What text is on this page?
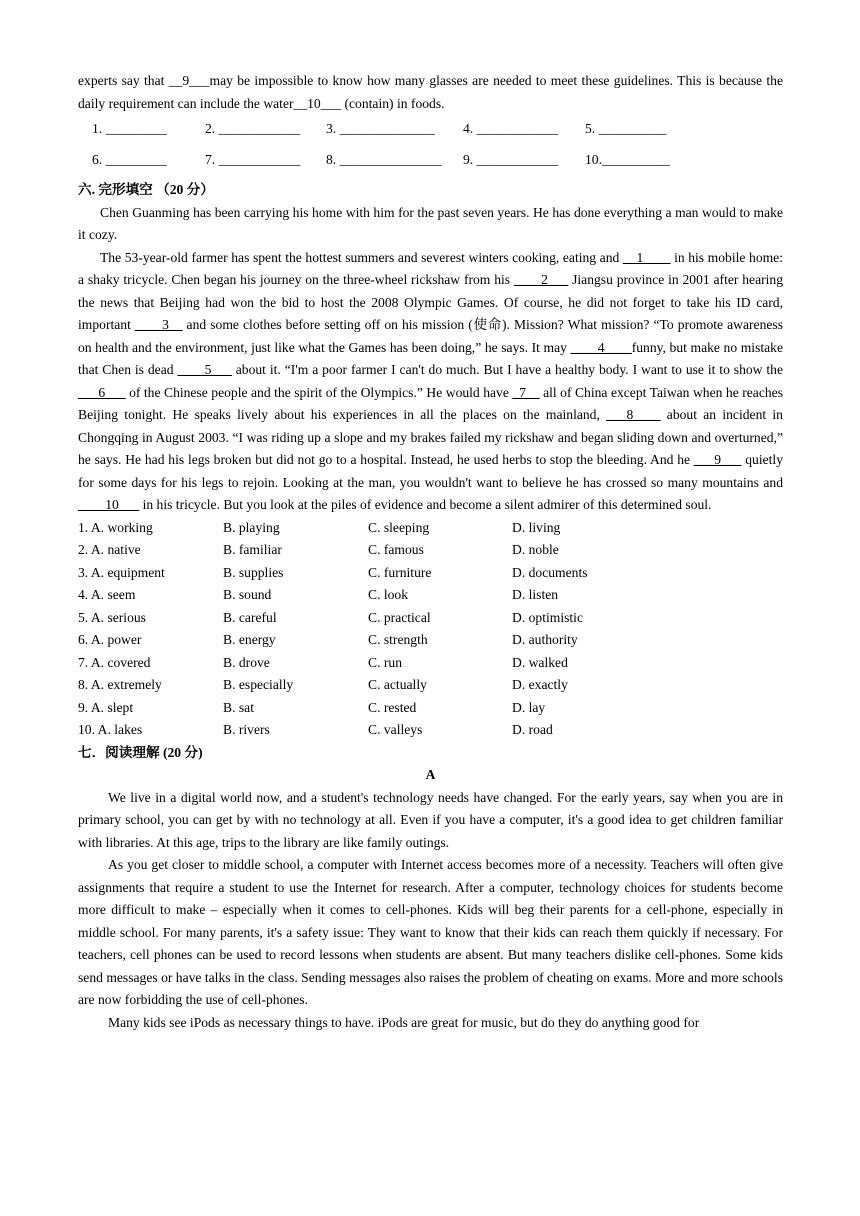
experts say that __9___may be impossible to know how many glasses are needed to meet these guidelines. This is because the daily requirement can include the water__10___ (contain) in foods.

1. _________	2. ____________	3. ______________	4. ____________	5. __________
6. _________	7. ____________	8. _______________	9. ____________	10.__________
六. 完形填空 （20 分）

Chen Guanming has been carrying his home with him for the past seven years. He has done everything a man would to make it cozy.

The 53-year-old farmer has spent the hottest summers and severest winters cooking, eating and __1____ in his mobile home: a shaky tricycle. Chen began his journey on the three-wheel rickshaw from his ____2___ Jiangsu province in 2001 after hearing the news that Beijing had won the bid to host the 2008 Olympic Games. Of course, he did not forget to take his ID card, important ____3__ and some clothes before setting off on his mission (使命). Mission? What mission? “To promote awareness on health and the environment, just like what the Games has been doing,” he says. It may ____4____funny, but make no mistake that Chen is dead ____5___ about it. “I'm a poor farmer I can't do much. But I have a healthy body. I want to use it to show the ___6___ of the Chinese people and the spirit of the Olympics.” He would have _7__ all of China except Taiwan when he reaches Beijing tonight. He speaks lively about his experiences in all the places on the mainland, ___8____ about an incident in Chongqing in August 2003. “I was riding up a slope and my brakes failed my rickshaw and began sliding down and overturned,” he says. He had his legs broken but did not go to a hospital. Instead, he used herbs to stop the bleeding. And he ___9___ quietly for some days for his legs to rejoin. Looking at the man, you wouldn't want to believe he has crossed so many mountains and ____10___ in his tricycle. But you look at the piles of evidence and become a silent admirer of this determined soul.

1. A. working	B. playing	C. sleeping	D. living
2. A. native	B. familiar	C. famous	D. noble
3. A. equipment	B. supplies	C. furniture	D. documents
4. A. seem	B. sound	C. look	D. listen
5. A. serious	B. careful	C. practical	D. optimistic
6. A. power	B. energy	C. strength	D. authority
7. A. covered	B. drove	C. run	D. walked
8. A. extremely	B. especially	C. actually	D. exactly
9. A. slept	B. sat	C. rested	D. lay
10. A. lakes	B. rivers	C. valleys	D. road
七．阅读理解 (20 分)
A

We live in a digital world now, and a student's technology needs have changed. For the early years, say when you are in primary school, you can get by with no technology at all. Even if you have a computer, it's a good idea to get children familiar with libraries. At this age, trips to the library are like family outings.

As you get closer to middle school, a computer with Internet access becomes more of a necessity. Teachers will often give assignments that require a student to use the Internet for research. After a computer, technology choices for students become more difficult to make – especially when it comes to cell-phones. Kids will beg their parents for a cell-phone, especially in middle school. For many parents, it's a safety issue: They want to know that their kids can reach them quickly if necessary. For teachers, cell phones can be used to record lessons when students are absent. But many teachers dislike cell-phones. Some kids send messages or have talks in the class. Sending messages also raises the problem of cheating on exams. More and more schools are now forbidding the use of cell-phones.

Many kids see iPods as necessary things to have. iPods are great for music, but do they do anything good for
